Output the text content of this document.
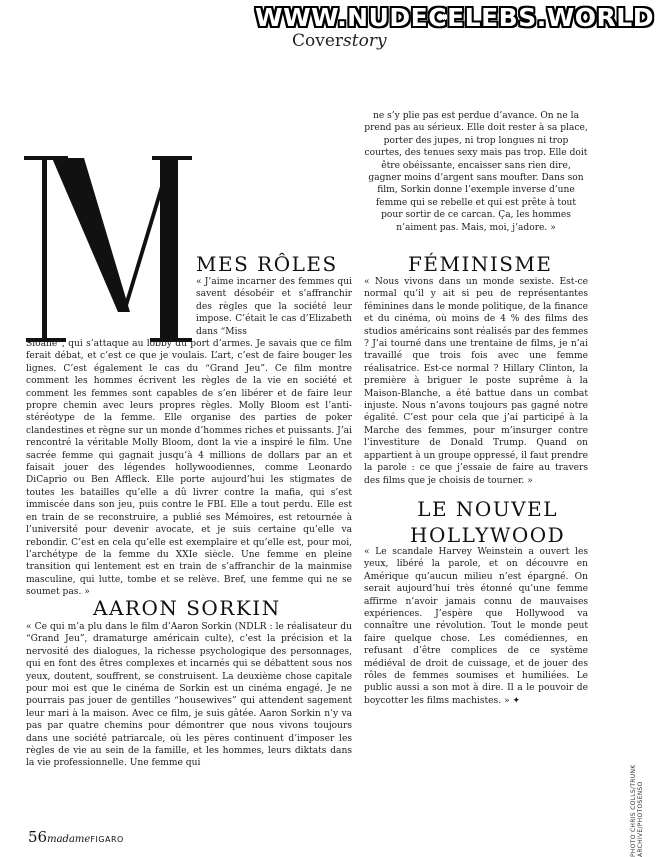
WWW.NUDECELEBS.WORLD
Coverstory
MES RÔLES

« J’aime incarner des femmes qui savent désobéir et s’affranchir des règles que la société leur impose. C’était le cas d’Elizabeth dans “Miss

Sloane”, qui s’attaque au lobby du port d’armes. Je savais que ce film ferait débat, et c’est ce que je voulais. L’art, c’est de faire bouger les lignes. C’est également le cas du “Grand Jeu”. Ce film montre comment les hommes écrivent les règles de la vie en société et comment les femmes sont capables de s’en libérer et de faire leur propre chemin avec leurs propres règles. Molly Bloom est l’anti-stéréotype de la femme. Elle organise des parties de poker clandestines et règne sur un monde d’hommes riches et puissants. J’ai rencontré la véritable Molly Bloom, dont la vie a inspiré le film. Une sacrée femme qui gagnait jusqu’à 4 millions de dollars par an et faisait jouer des légendes hollywoodiennes, comme Leonardo DiCaprio ou Ben Affleck. Elle porte aujourd’hui les stigmates de toutes les batailles qu’elle a dû livrer contre la mafia, qui s’est immiscée dans son jeu, puis contre le FBI. Elle a tout perdu. Elle est en train de se reconstruire, a publié ses Mémoires, est retournée à l’université pour devenir avocate, et je suis certaine qu’elle va rebondir. C’est en cela qu’elle est exemplaire et qu’elle est, pour moi, l’archétype de la femme du XXIe siècle. Une femme en pleine transition qui lentement est en train de s’affranchir de la mainmise masculine, qui lutte, tombe et se relève. Bref, une femme qui ne se soumet pas. »

AARON SORKIN

« Ce qui m’a plu dans le film d’Aaron Sorkin (NDLR : le réalisateur du “Grand Jeu”, dramaturge américain culte), c’est la précision et la nervosité des dialogues, la richesse psychologique des personnages, qui en font des êtres complexes et incarnés qui se débattent sous nos yeux, doutent, souffrent, se construisent. La deuxième chose capitale pour moi est que le cinéma de Sorkin est un cinéma engagé. Je ne pourrais pas jouer de gentilles “housewives” qui attendent sagement leur mari à la maison. Avec ce film, je suis gâtée. Aaron Sorkin n’y va pas par quatre chemins pour démontrer que nous vivons toujours dans une société patriarcale, où les pères continuent d’imposer les règles de vie au sein de la famille, et les hommes, leurs diktats dans la vie professionnelle. Une femme qui

ne s’y plie pas est perdue d’avance. On ne la prend pas au sérieux. Elle doit rester à sa place, porter des jupes, ni trop longues ni trop courtes, des tenues sexy mais pas trop. Elle doit être obéissante, encaisser sans rien dire, gagner moins d’argent sans moufter. Dans son film, Sorkin donne l’exemple inverse d’une femme qui se rebelle et qui est prête à tout pour sortir de ce carcan. Ça, les hommes n’aiment pas. Mais, moi, j’adore. »

FÉMINISME

« Nous vivons dans un monde sexiste. Est-ce normal qu’il y ait si peu de représentantes féminines dans le monde politique, de la finance et du cinéma, où moins de 4 % des films des studios américains sont réalisés par des femmes ? J’ai tourné dans une trentaine de films, je n’ai travaillé que trois fois avec une femme réalisatrice. Est-ce normal ? Hillary Clinton, la première à briguer le poste suprême à la Maison-Blanche, a été battue dans un combat injuste. Nous n’avons toujours pas gagné notre égalité. C’est pour cela que j’ai participé à la Marche des femmes, pour m’insurger contre l’investiture de Donald Trump. Quand on appartient à un groupe oppressé, il faut prendre la parole : ce que j’essaie de faire au travers des films que je choisis de tourner. »

LE NOUVEL
HOLLYWOOD

« Le scandale Harvey Weinstein a ouvert les yeux, libéré la parole, et on découvre en Amérique qu’aucun milieu n’est épargné. On serait aujourd’hui très étonné qu’une femme affirme n’avoir jamais connu de mauvaises expériences. J’espère que Hollywood va connaître une révolution. Tout le monde peut faire quelque chose. Les comédiennes, en refusant d’être complices de ce système médiéval de droit de cuissage, et de jouer des rôles de femmes soumises et humiliées. Le public aussi a son mot à dire. Il a le pouvoir de boycotter les films machistes. » ✦

PHOTO CHRIS COLLS/TRUNK ARCHIVE/PHOTOSENSO
56madameFIGARO
